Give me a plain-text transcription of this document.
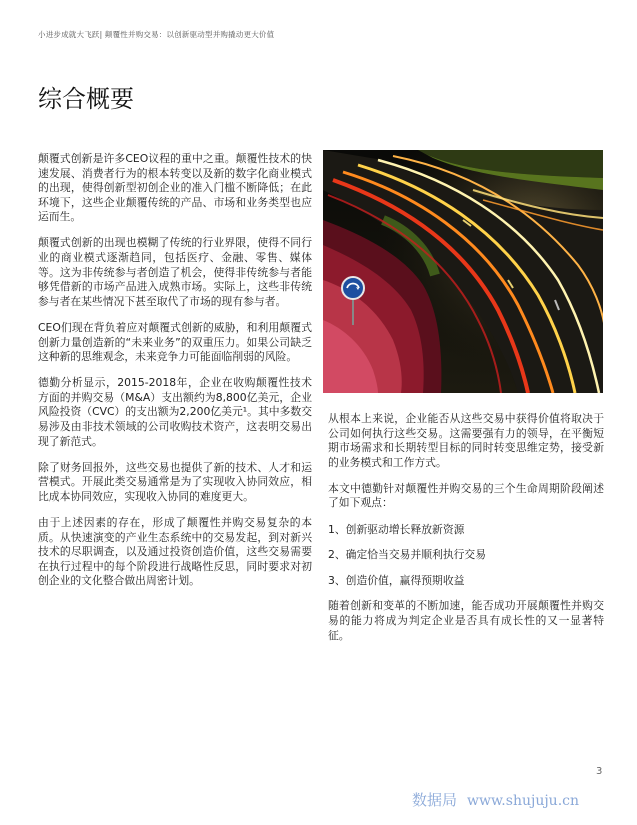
小进步成就大飞跃| 颠覆性并购交易：以创新驱动型并购撬动更大价值
综合概要

颠覆式创新是许多CEO议程的重中之重。颠覆性技术的快速发展、消费者行为的根本转变以及新的数字化商业模式的出现，使得创新型初创企业的准入门槛不断降低；在此环境下，这些企业颠覆传统的产品、市场和业务类型也应运而生。

颠覆式创新的出现也模糊了传统的行业界限，使得不同行业的商业模式逐渐趋同，包括医疗、金融、零售、媒体等。这为非传统参与者创造了机会，使得非传统参与者能够凭借新的市场产品进入成熟市场。实际上，这些非传统参与者在某些情况下甚至取代了市场的现有参与者。

CEO们现在背负着应对颠覆式创新的威胁，和利用颠覆式创新力量创造新的“未来业务”的双重压力。如果公司缺乏这种新的思维观念，未来竞争力可能面临削弱的风险。

德勤分析显示，2015-2018年，企业在收购颠覆性技术方面的并购交易（M&A）支出额约为8,800亿美元，企业风险投资（CVC）的支出额为2,200亿美元¹。其中多数交易涉及由非技术领域的公司收购技术资产，这表明交易出现了新范式。

除了财务回报外，这些交易也提供了新的技术、人才和运营模式。开展此类交易通常是为了实现收入协同效应，相比成本协同效应，实现收入协同的难度更大。

由于上述因素的存在，形成了颠覆性并购交易复杂的本质。从快速演变的产业生态系统中的交易发起，到对新兴技术的尽职调查，以及通过投资创造价值，这些交易需要在执行过程中的每个阶段进行战略性反思，同时要求对初创企业的文化整合做出周密计划。

从根本上来说，企业能否从这些交易中获得价值将取决于公司如何执行这些交易。这需要强有力的领导，在平衡短期市场需求和长期转型目标的同时转变思维定势，接受新的业务模式和工作方式。

本文中德勤针对颠覆性并购交易的三个生命周期阶段阐述了如下观点：

1、创新驱动增长释放新资源

2、确定恰当交易并顺利执行交易

3、创造价值，赢得预期收益

随着创新和变革的不断加速，能否成功开展颠覆性并购交易的能力将成为判定企业是否具有成长性的又一显著特征。

3
数据局 www.shujuju.cn
